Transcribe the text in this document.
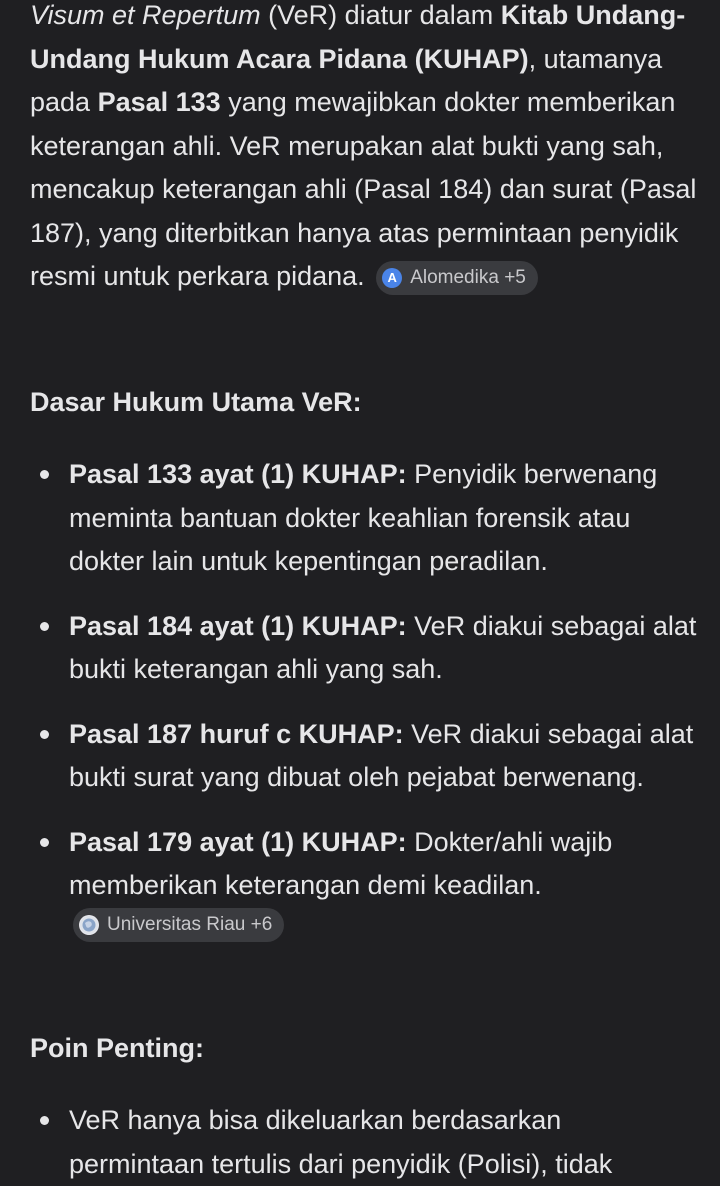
Visum et Repertum (VeR) diatur dalam Kitab Undang-Undang Hukum Acara Pidana (KUHAP), utamanya pada Pasal 133 yang mewajibkan dokter memberikan keterangan ahli. VeR merupakan alat bukti yang sah, mencakup keterangan ahli (Pasal 184) dan surat (Pasal 187), yang diterbitkan hanya atas permintaan penyidik resmi untuk perkara pidana.	A Alomedika +5

Dasar Hukum Utama VeR:
Pasal 133 ayat (1) KUHAP: Penyidik berwenang meminta bantuan dokter keahlian forensik atau dokter lain untuk kepentingan peradilan.
Pasal 184 ayat (1) KUHAP: VeR diakui sebagai alat bukti keterangan ahli yang sah.
Pasal 187 huruf c KUHAP: VeR diakui sebagai alat bukti surat yang dibuat oleh pejabat berwenang.
Pasal 179 ayat (1) KUHAP: Dokter/ahli wajib memberikan keterangan demi keadilan.
Universitas Riau +6
Poin Penting:
VeR hanya bisa dikeluarkan berdasarkan permintaan tertulis dari penyidik (Polisi), tidak
